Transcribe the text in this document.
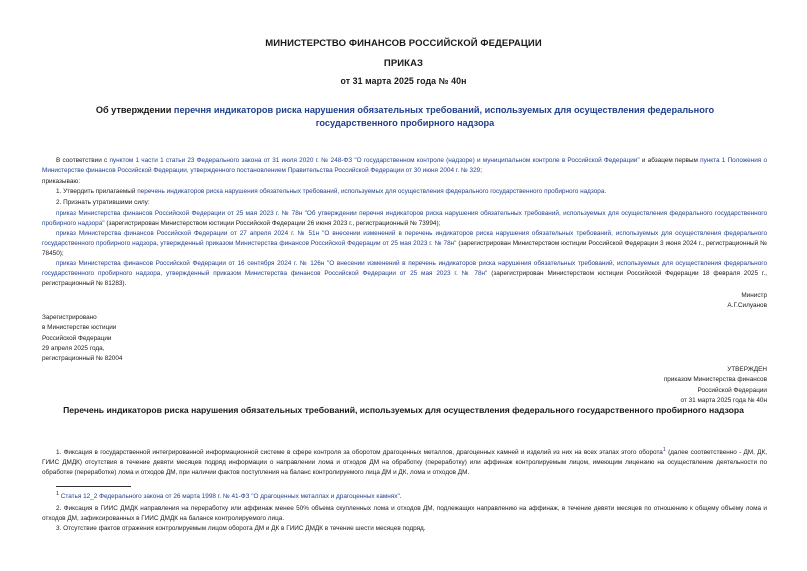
МИНИСТЕРСТВО ФИНАНСОВ РОССИЙСКОЙ ФЕДЕРАЦИИ
ПРИКАЗ
от 31 марта 2025 года № 40н
Об утверждении перечня индикаторов риска нарушения обязательных требований, используемых для осуществления федерального государственного пробирного надзора
В соответствии с пунктом 1 части 1 статьи 23 Федерального закона от 31 июля 2020 г. № 248-ФЗ "О государственном контроле (надзоре) и муниципальном контроле в Российской Федерации" и абзацем первым пункта 1 Положения о Министерстве финансов Российской Федерации, утвержденного постановлением Правительства Российской Федерации от 30 июня 2004 г. № 329;
приказываю:
1. Утвердить прилагаемый перечень индикаторов риска нарушения обязательных требований, используемых для осуществления федерального государственного пробирного надзора.
2. Признать утратившими силу:
приказ Министерства финансов Российской Федерации от 25 мая 2023 г. № 78н "Об утверждении перечня индикаторов риска нарушения обязательных требований, используемых для осуществления федерального государственного пробирного надзора" (зарегистрирован Министерством юстиции Российской Федерации 26 июня 2023 г., регистрационный № 73994);
приказ Министерства финансов Российской Федерации от 27 апреля 2024 г. № 51н "О внесении изменений в перечень индикаторов риска нарушения обязательных требований, используемых для осуществления федерального государственного пробирного надзора, утвержденный приказом Министерства финансов Российской Федерации от 25 мая 2023 г. № 78н" (зарегистрирован Министерством юстиции Российской Федерации 3 июня 2024 г., регистрационный № 78450);
приказ Министерства финансов Российской Федерации от 16 сентября 2024 г. № 126н "О внесении изменений в перечень индикаторов риска нарушения обязательных требований, используемых для осуществления федерального государственного пробирного надзора, утвержденный приказом Министерства финансов Российской Федерации от 25 мая 2023 г. № 78н" (зарегистрирован Министерством юстиции Российской Федерации 18 февраля 2025 г., регистрационный № 81283).
Министр
А.Г.Силуанов
Зарегистрировано
в Министерстве юстиции
Российской Федерации
29 апреля 2025 года,
регистрационный № 82004
УТВЕРЖДЕН
приказом Министерства финансов
Российской Федерации
от 31 марта 2025 года № 40н
Перечень индикаторов риска нарушения обязательных требований, используемых для осуществления федерального государственного пробирного надзора
1. Фиксация в государственной интегрированной информационной системе в сфере контроля за оборотом драгоценных металлов, драгоценных камней и изделий из них на всех этапах этого оборота$^1$ (далее соответственно - ДМ, ДК, ГИИС ДМДК) отсутствия в течение девяти месяцев подряд информации о направлении лома и отходов ДМ на обработку (переработку) или аффинаж контролируемым лицом, имеющим лицензию на осуществление деятельности по обработке (переработке) лома и отходов ДМ, при наличии фактов поступления на баланс контролируемого лица ДМ и ДК, лома и отходов ДМ.
$^1$ Статья 12_2 Федерального закона от 26 марта 1998 г. № 41-ФЗ "О драгоценных металлах и драгоценных камнях".
2. Фиксация в ГИИС ДМДК направления на переработку или аффинаж менее 50% объема скупленных лома и отходов ДМ, подлежащих направлению на аффинаж, в течение девяти месяцев по отношению к общему объему лома и отходов ДМ, зафиксированных в ГИИС ДМДК на балансе контролируемого лица.
3. Отсутствие фактов отражения контролируемым лицом оборота ДМ и ДК в ГИИС ДМДК в течение шести месяцев подряд.
